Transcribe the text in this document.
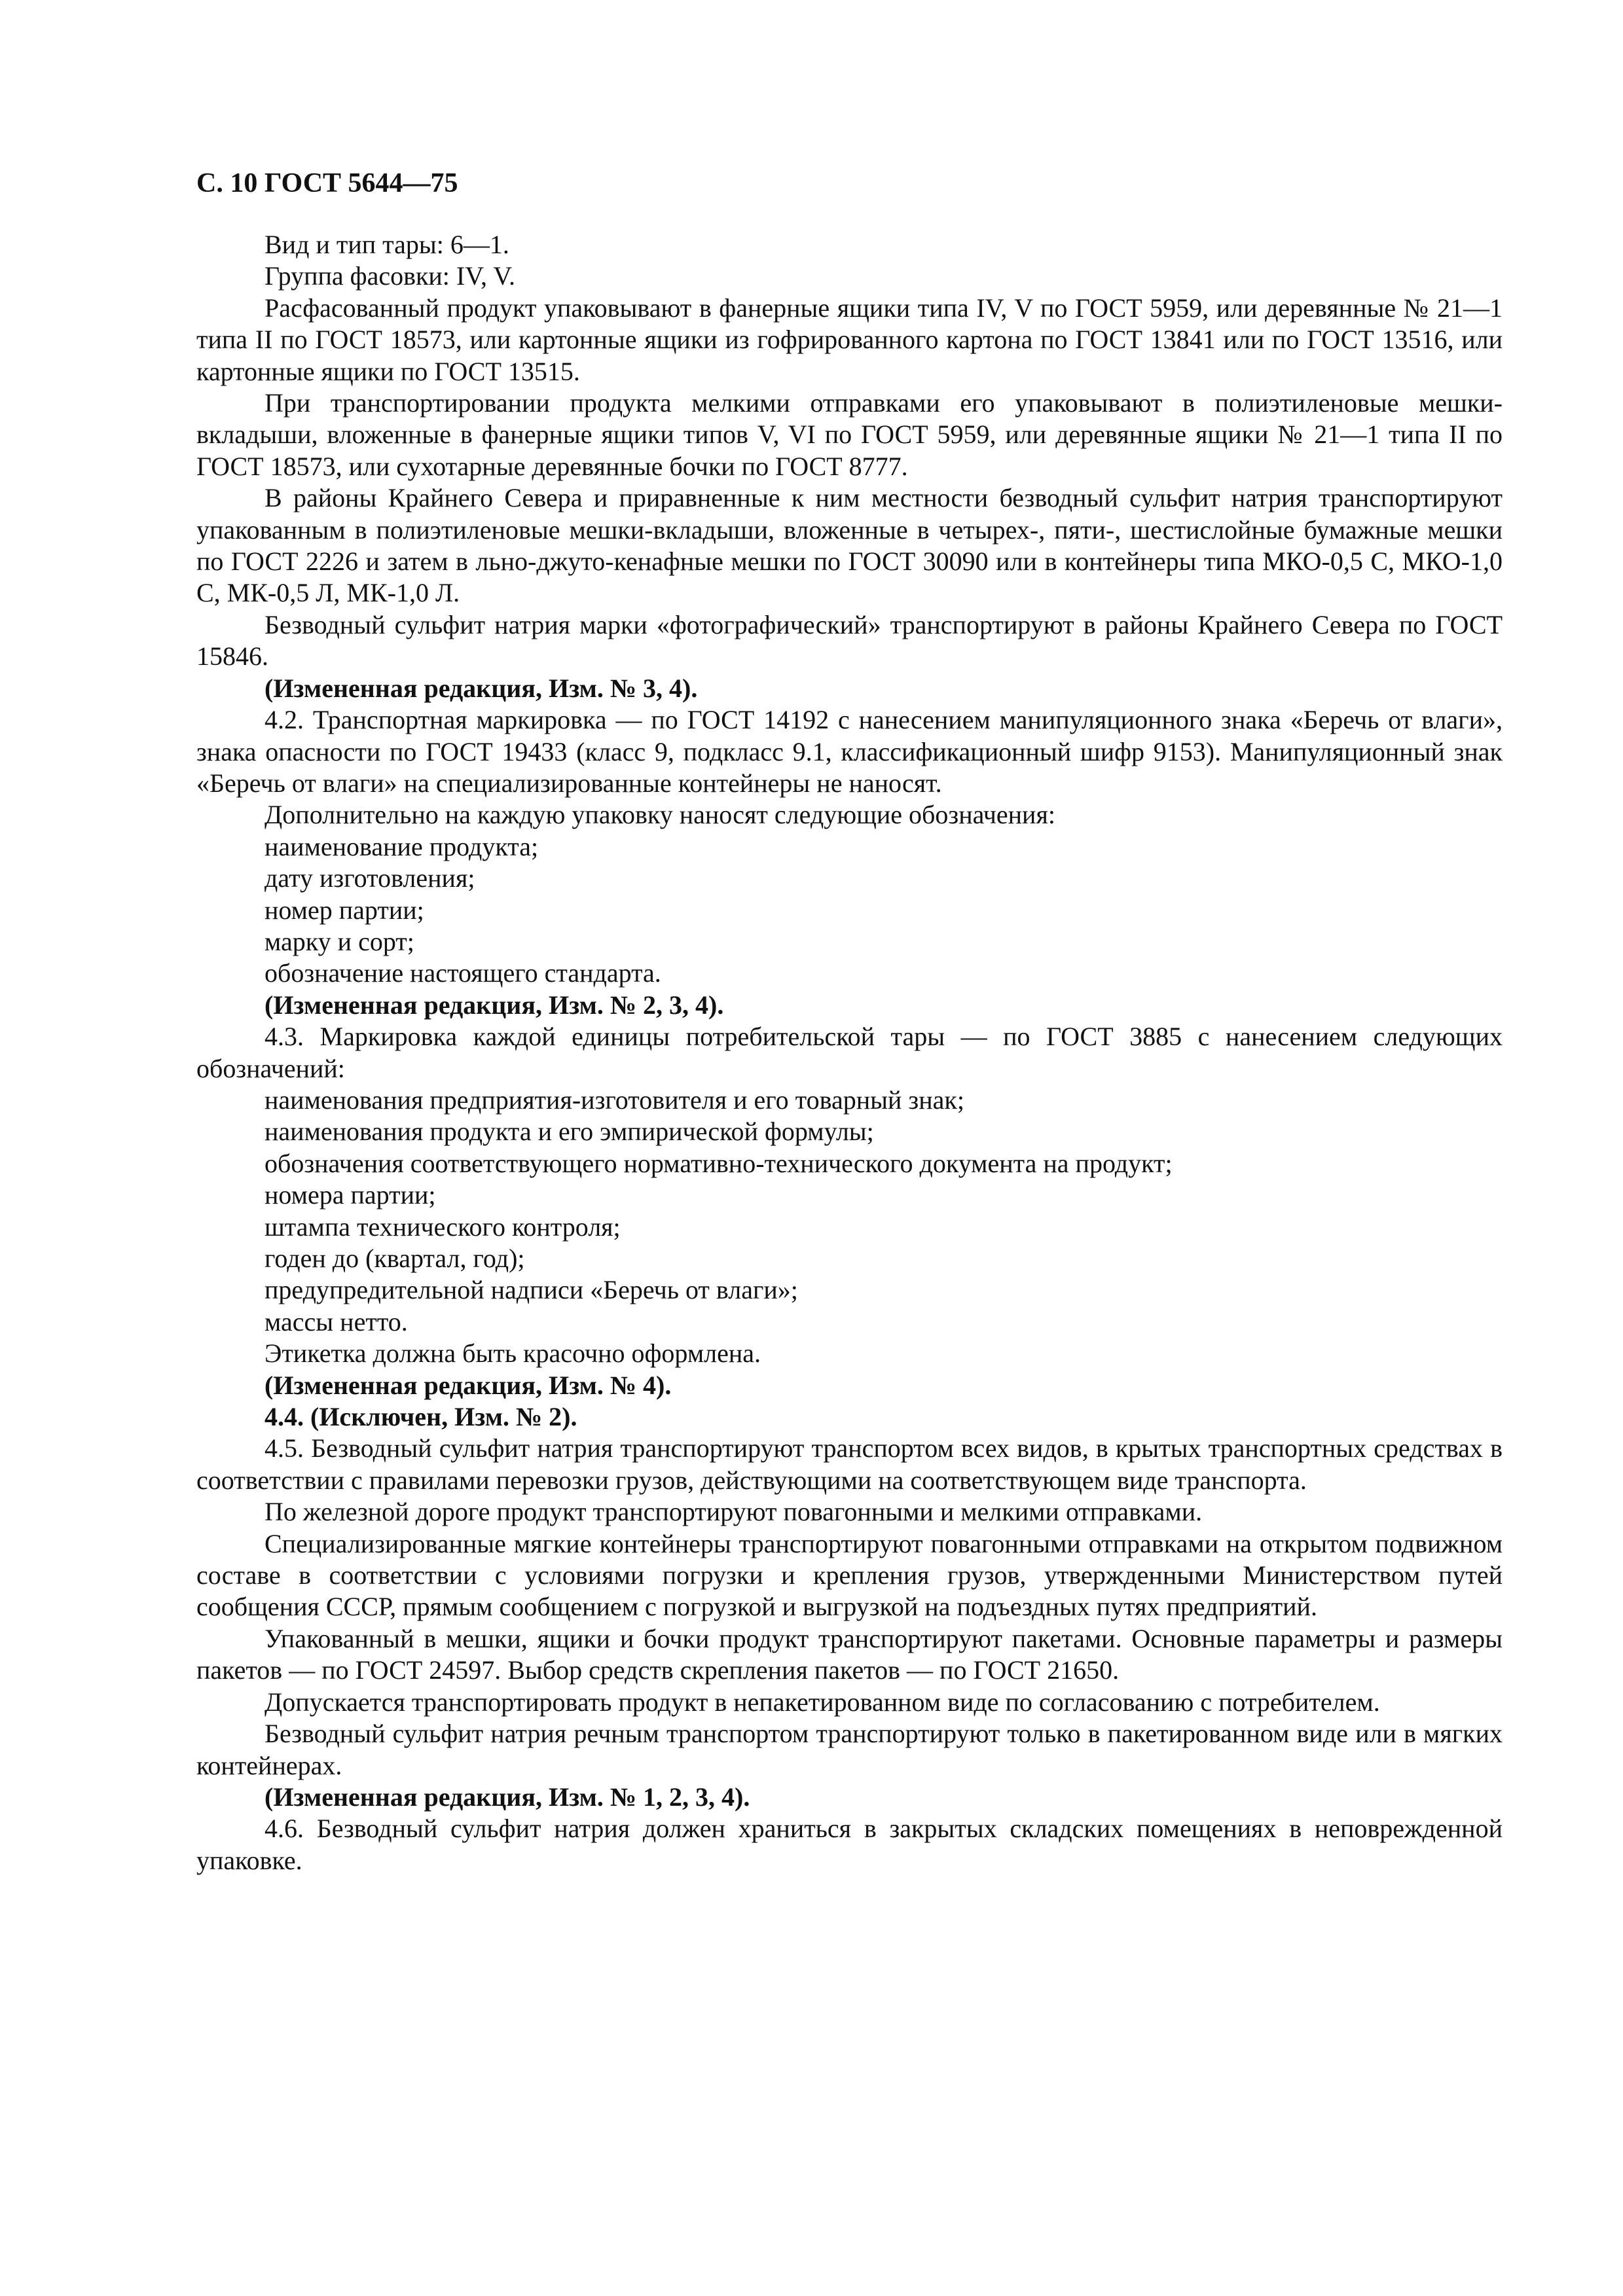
С. 10 ГОСТ 5644—75

Вид и тип тары: 6—1.

Группа фасовки: IV, V.

Расфасованный продукт упаковывают в фанерные ящики типа IV, V по ГОСТ 5959, или деревянные № 21—1 типа II по ГОСТ 18573, или картонные ящики из гофрированного картона по ГОСТ 13841 или по ГОСТ 13516, или картонные ящики по ГОСТ 13515.

При транспортировании продукта мелкими отправками его упаковывают в полиэтиленовые мешки-вкладыши, вложенные в фанерные ящики типов V, VI по ГОСТ 5959, или деревянные ящики № 21—1 типа II по ГОСТ 18573, или сухотарные деревянные бочки по ГОСТ 8777.

В районы Крайнего Севера и приравненные к ним местности безводный сульфит натрия транспортируют упакованным в полиэтиленовые мешки-вкладыши, вложенные в четырех-, пяти-, шестислойные бумажные мешки по ГОСТ 2226 и затем в льно-джуто-кенафные мешки по ГОСТ 30090 или в контейнеры типа МКО-0,5 С, МКО-1,0 С, МК-0,5 Л, МК-1,0 Л.

Безводный сульфит натрия марки «фотографический» транспортируют в районы Крайнего Севера по ГОСТ 15846.

(Измененная редакция, Изм. № 3, 4).

4.2. Транспортная маркировка — по ГОСТ 14192 с нанесением манипуляционного знака «Беречь от влаги», знака опасности по ГОСТ 19433 (класс 9, подкласс 9.1, классификационный шифр 9153). Манипуляционный знак «Беречь от влаги» на специализированные контейнеры не наносят.

Дополнительно на каждую упаковку наносят следующие обозначения:

наименование продукта;

дату изготовления;

номер партии;

марку и сорт;

обозначение настоящего стандарта.

(Измененная редакция, Изм. № 2, 3, 4).

4.3. Маркировка каждой единицы потребительской тары — по ГОСТ 3885 с нанесением следующих обозначений:

наименования предприятия-изготовителя и его товарный знак;

наименования продукта и его эмпирической формулы;

обозначения соответствующего нормативно-технического документа на продукт;

номера партии;

штампа технического контроля;

годен до (квартал, год);

предупредительной надписи «Беречь от влаги»;

массы нетто.

Этикетка должна быть красочно оформлена.

(Измененная редакция, Изм. № 4).

4.4. (Исключен, Изм. № 2).

4.5. Безводный сульфит натрия транспортируют транспортом всех видов, в крытых транспортных средствах в соответствии с правилами перевозки грузов, действующими на соответствующем виде транспорта.

По железной дороге продукт транспортируют повагонными и мелкими отправками.

Специализированные мягкие контейнеры транспортируют повагонными отправками на открытом подвижном составе в соответствии с условиями погрузки и крепления грузов, утвержденными Министерством путей сообщения СССР, прямым сообщением с погрузкой и выгрузкой на подъездных путях предприятий.

Упакованный в мешки, ящики и бочки продукт транспортируют пакетами. Основные параметры и размеры пакетов — по ГОСТ 24597. Выбор средств скрепления пакетов — по ГОСТ 21650.

Допускается транспортировать продукт в непакетированном виде по согласованию с потребителем.

Безводный сульфит натрия речным транспортом транспортируют только в пакетированном виде или в мягких контейнерах.

(Измененная редакция, Изм. № 1, 2, 3, 4).

4.6. Безводный сульфит натрия должен храниться в закрытых складских помещениях в неповрежденной упаковке.
